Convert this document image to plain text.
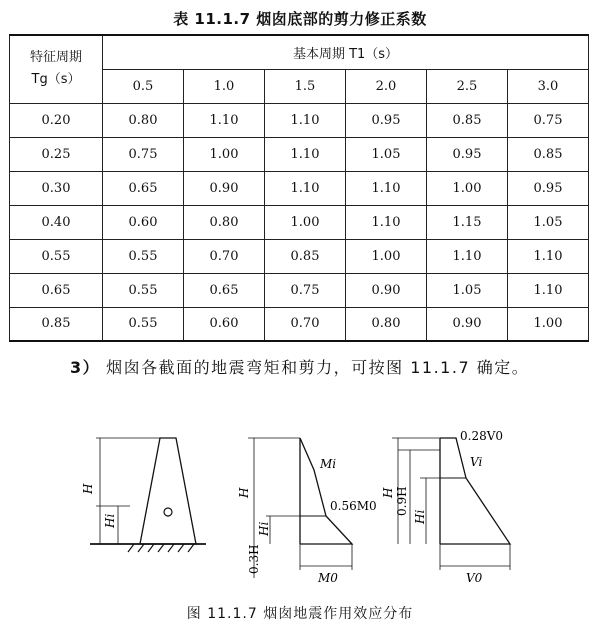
表 11.1.7 烟囱底部的剪力修正系数
特征周期
Tg（s）	基本周期 T1（s）					
	0.5	1.0	1.5	2.0	2.5	3.0
0.20	0.80	1.10	1.10	0.95	0.85	0.75
0.25	0.75	1.00	1.10	1.05	0.95	0.85
0.30	0.65	0.90	1.10	1.10	1.00	0.95
0.40	0.60	0.80	1.00	1.10	1.15	1.05
0.55	0.55	0.70	0.85	1.00	1.10	1.10
0.65	0.55	0.65	0.75	0.90	1.05	1.10
0.85	0.55	0.60	0.70	0.80	0.90	1.00
3） 烟囱各截面的地震弯矩和剪力，可按图 11.1.7 确定。
H
Hi
Mi
0.56M0
H
Hi
0.3H
M0
0.28V0
Vi
H 0.9H
Hi
V0
图 11.1.7 烟囱地震作用效应分布
